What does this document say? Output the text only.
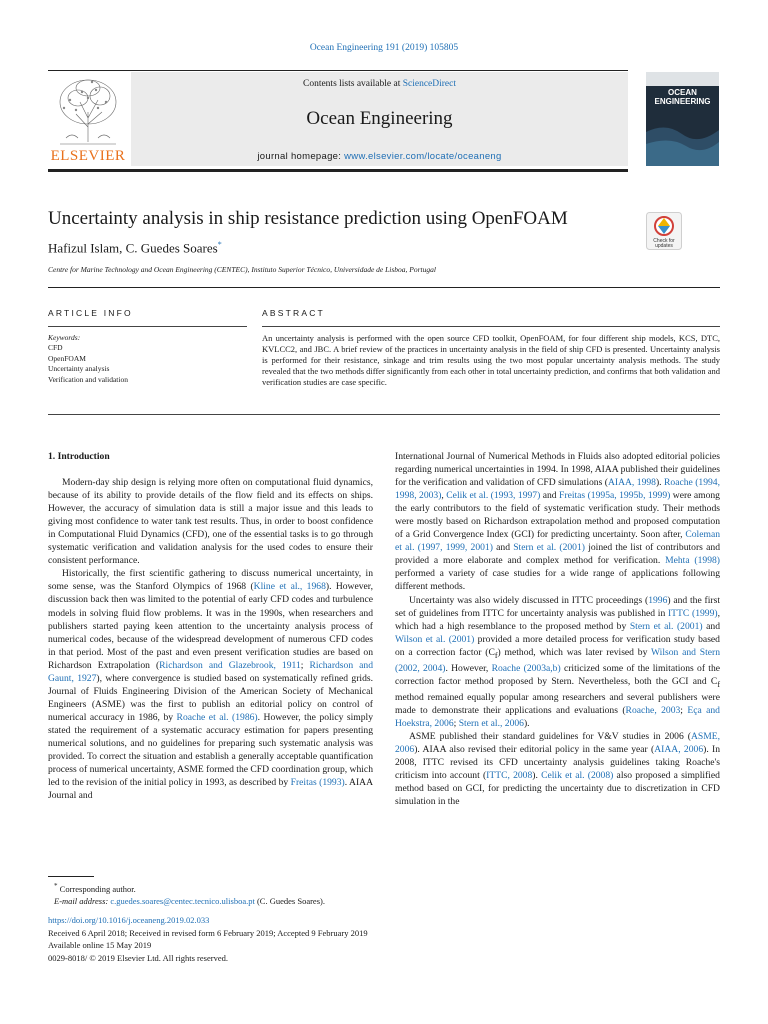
Ocean Engineering 191 (2019) 105805
ELSEVIER
Contents lists available at ScienceDirect
Ocean Engineering
journal homepage: www.elsevier.com/locate/oceaneng
OCEAN
ENGINEERING
Uncertainty analysis in ship resistance prediction using OpenFOAM
Check for
updates
Hafizul Islam, C. Guedes Soares*
Centre for Marine Technology and Ocean Engineering (CENTEC), Instituto Superior Técnico, Universidade de Lisboa, Portugal
ARTICLE INFO	ABSTRACT
Keywords:
CFD
OpenFOAM
Uncertainty analysis
Verification and validation
An uncertainty analysis is performed with the open source CFD toolkit, OpenFOAM, for four different ship models, KCS, DTC, KVLCC2, and JBC. A brief review of the practices in uncertainty analysis in the field of ship CFD is presented. Uncertainty analysis is performed for their resistance, sinkage and trim results using the two most popular uncertainty analysis methods. The study revealed that the two methods differ significantly from each other in total uncertainty prediction, and confirms that both validation and verification studies are case specific.
1. Introduction

Modern-day ship design is relying more often on computational fluid dynamics, because of its ability to provide details of the flow field and its effects on ships. However, the accuracy of simulation data is still a major issue and this leads to giving most confidence to water tank test results. Thus, in order to boost confidence in Computational Fluid Dynamics (CFD), one of the essential tasks is to go through systematic verification and validation analysis for the used codes to ensure their consistent performance.

Historically, the first scientific gathering to discuss numerical uncertainty, in some sense, was the Stanford Olympics of 1968 (Kline et al., 1968). However, discussion back then was limited to the potential of early CFD codes and turbulence models in solving fluid flow problems. It was in the 1990s, when researchers and publishers started paying keen attention to the uncertainty analysis process of numerical codes, because of the widespread development of numerous CFD codes in that period. Most of the past and even present verification studies are based on Richardson Extrapolation (Richardson and Glazebrook, 1911; Richardson and Gaunt, 1927), where convergence is studied based on systematically refined grids. Journal of Fluids Engineering Division of the American Society of Mechanical Engineers (ASME) was the first to publish an editorial policy on control of numerical accuracy in 1986, by Roache et al. (1986). However, the policy simply stated the requirement of a systematic accuracy estimation for papers presenting numerical solutions, and no guidelines for preparing such systematic analysis was provided. To correct the situation and establish a generally acceptable quantification process of numerical uncertainty, ASME formed the CFD coordination group, which led to the revision of the initial policy in 1993, as described by Freitas (1993). AIAA Journal and

International Journal of Numerical Methods in Fluids also adopted editorial policies regarding numerical uncertainties in 1994. In 1998, AIAA published their guidelines for the verification and validation of CFD simulations (AIAA, 1998). Roache (1994, 1998, 2003), Celik et al. (1993, 1997) and Freitas (1995a, 1995b, 1999) were among the early contributors to the field of systematic verification study. Their methods were mostly based on Richardson extrapolation method and proposed computation of a Grid Convergence Index (GCI) for predicting uncertainty. Soon after, Coleman et al. (1997, 1999, 2001) and Stern et al. (2001) joined the list of contributors and provided a more elaborate and complex method for verification. Mehta (1998) performed a variety of case studies for a wide range of applications following different methods.

Uncertainty was also widely discussed in ITTC proceedings (1996) and the first set of guidelines from ITTC for uncertainty analysis was published in ITTC (1999), which had a high resemblance to the proposed method by Stern et al. (2001) and Wilson et al. (2001) provided a more detailed process for verification study based on a correction factor $(C_f)$ method, which was later revised by Wilson and Stern (2002, 2004). However, Roache (2003a,b) criticized some of the limitations of the correction factor method proposed by Stern. Nevertheless, both the GCI and $C_f$ method remained equally popular among researchers and several publishers were made to demonstrate their applications and evaluations (Roache, 2003; Eça and Hoekstra, 2006; Stern et al., 2006).

ASME published their standard guidelines for V&V studies in 2006 (ASME, 2006). AIAA also revised their editorial policy in the same year (AIAA, 2006). In 2008, ITTC revised its CFD uncertainty analysis guidelines taking Roache's criticism into account (ITTC, 2008). Celik et al. (2008) also proposed a simplified method based on GCI, for predicting the uncertainty due to discretization in CFD simulation in the

* Corresponding author.
E-mail address: c.guedes.soares@centec.tecnico.ulisboa.pt (C. Guedes Soares).
https://doi.org/10.1016/j.oceaneng.2019.02.033
Received 6 April 2018; Received in revised form 6 February 2019; Accepted 9 February 2019
Available online 15 May 2019
0029-8018/ © 2019 Elsevier Ltd. All rights reserved.
